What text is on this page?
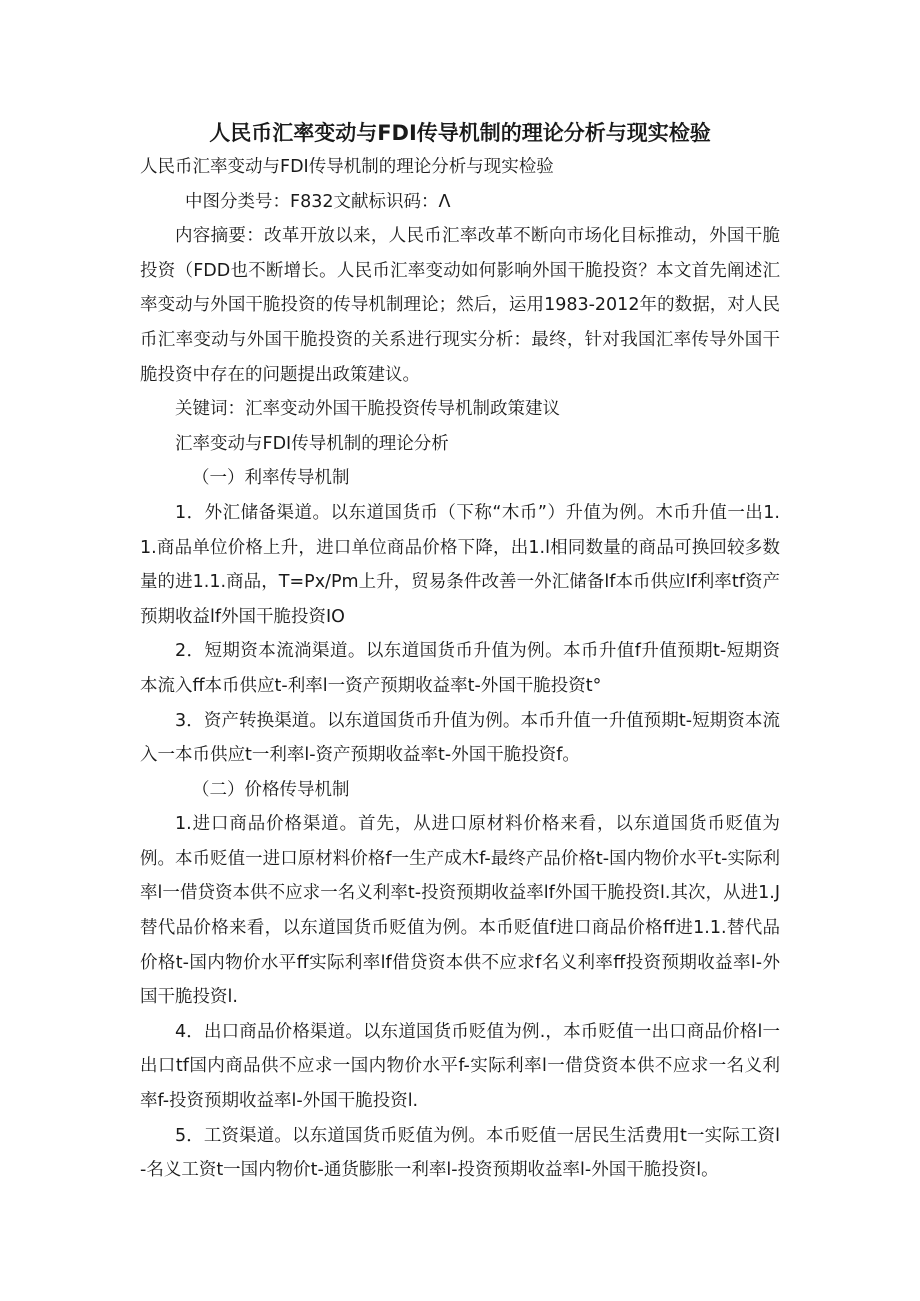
人民币汇率变动与FDI传导机制的理论分析与现实检验

人民币汇率变动与FDI传导机制的理论分析与现实检验

中图分类号：F832文献标识码：Λ

内容摘要：改革开放以来，人民币汇率改革不断向市场化目标推动，外国干脆投资（FDD也不断增长。人民币汇率变动如何影响外国干脆投资？本文首先阐述汇率变动与外国干脆投资的传导机制理论；然后，运用1983-2012年的数据，对人民币汇率变动与外国干脆投资的关系进行现实分析：最终，针对我国汇率传导外国干脆投资中存在的问题提出政策建议。

关键词：汇率变动外国干脆投资传导机制政策建议

汇率变动与FDI传导机制的理论分析

（一）利率传导机制

1．外汇储备渠道。以东道国货币（下称“木币”）升值为例。木币升值一出1.1.商品单位价格上升，进口单位商品价格下降，出1.l相同数量的商品可换回较多数量的进1.1.商品，T=Px/Pm上升，贸易条件改善一外汇储备lf本币供应lf利率tf资产预期收益lf外国干脆投资IO

2．短期资本流淌渠道。以东道国货币升值为例。本币升值f升值预期t-短期资本流入ff本币供应t-利率l一资产预期收益率t-外国干脆投资t°

3．资产转换渠道。以东道国货币升值为例。本币升值一升值预期t-短期资本流入一本币供应t一利率l-资产预期收益率t-外国干脆投资f。

（二）价格传导机制

1.进口商品价格渠道。首先，从进口原材料价格来看，以东道国货币贬值为例。本币贬值一进口原材料价格f一生产成木f-最终产品价格t-国内物价水平t-实际利率l一借贷资本供不应求一名义利率t-投资预期收益率lf外国干脆投资l.其次，从进1.J替代品价格来看，以东道国货币贬值为例。本币贬值f进口商品价格ff进1.1.替代品价格t-国内物价水平ff实际利率lf借贷资本供不应求f名义利率ff投资预期收益率l-外国干脆投资l.

4．出口商品价格渠道。以东道国货币贬值为例.，本币贬值一出口商品价格l一出口tf国内商品供不应求一国内物价水平f-实际利率l一借贷资本供不应求一名义利率f-投资预期收益率l-外国干脆投资l.

5．工资渠道。以东道国货币贬值为例。本币贬值一居民生活费用t一实际工资l-名义工资t一国内物价t-通货膨胀一利率l-投资预期收益率l-外国干脆投资l。
